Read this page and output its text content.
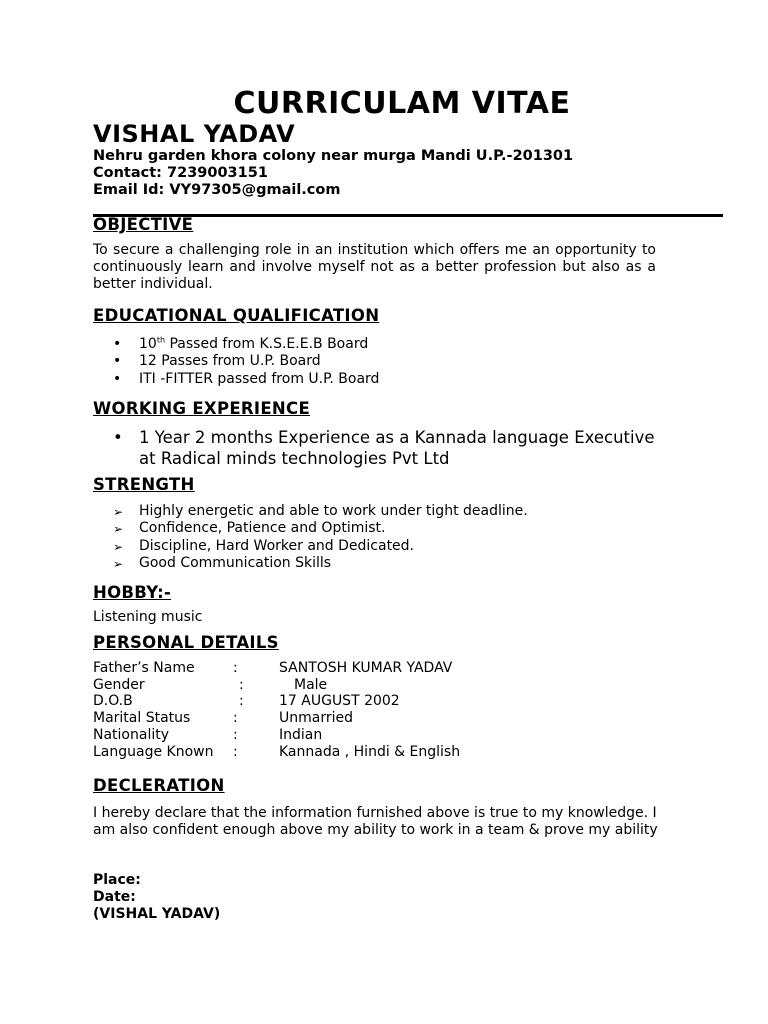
CURRICULAM VITAE
VISHAL YADAV
Nehru garden khora colony near murga Mandi U.P.-201301
Contact: 7239003151
Email Id: VY97305@gmail.com
OBJECTIVE
To secure a challenging role in an institution which offers me an opportunity to continuously learn and involve myself not as a better profession but also as a better individual.
EDUCATIONAL QUALIFICATION
• 10th Passed from K.S.E.E.B Board
• 12 Passes from U.P. Board
• ITI -FITTER passed from U.P. Board
WORKING EXPERIENCE
• 1 Year 2 months Experience as a Kannada language Executive at Radical minds technologies Pvt Ltd
STRENGTH
➢ Highly energetic and able to work under tight deadline.
➢ Confidence, Patience and Optimist.
➢ Discipline, Hard Worker and Dedicated.
➢ Good Communication Skills
HOBBY:-
Listening music
PERSONAL DETAILS
Father’s Name	:	SANTOSH KUMAR YADAV
Gender	:	Male
D.O.B	:	17 AUGUST 2002
Marital Status	:	Unmarried
Nationality	:	Indian
Language Known :	Kannada , Hindi & English
DECLERATION
I hereby declare that the information furnished above is true to my knowledge. I am also confident enough above my ability to work in a team & prove my ability
Place:
Date:
(VISHAL YADAV)
